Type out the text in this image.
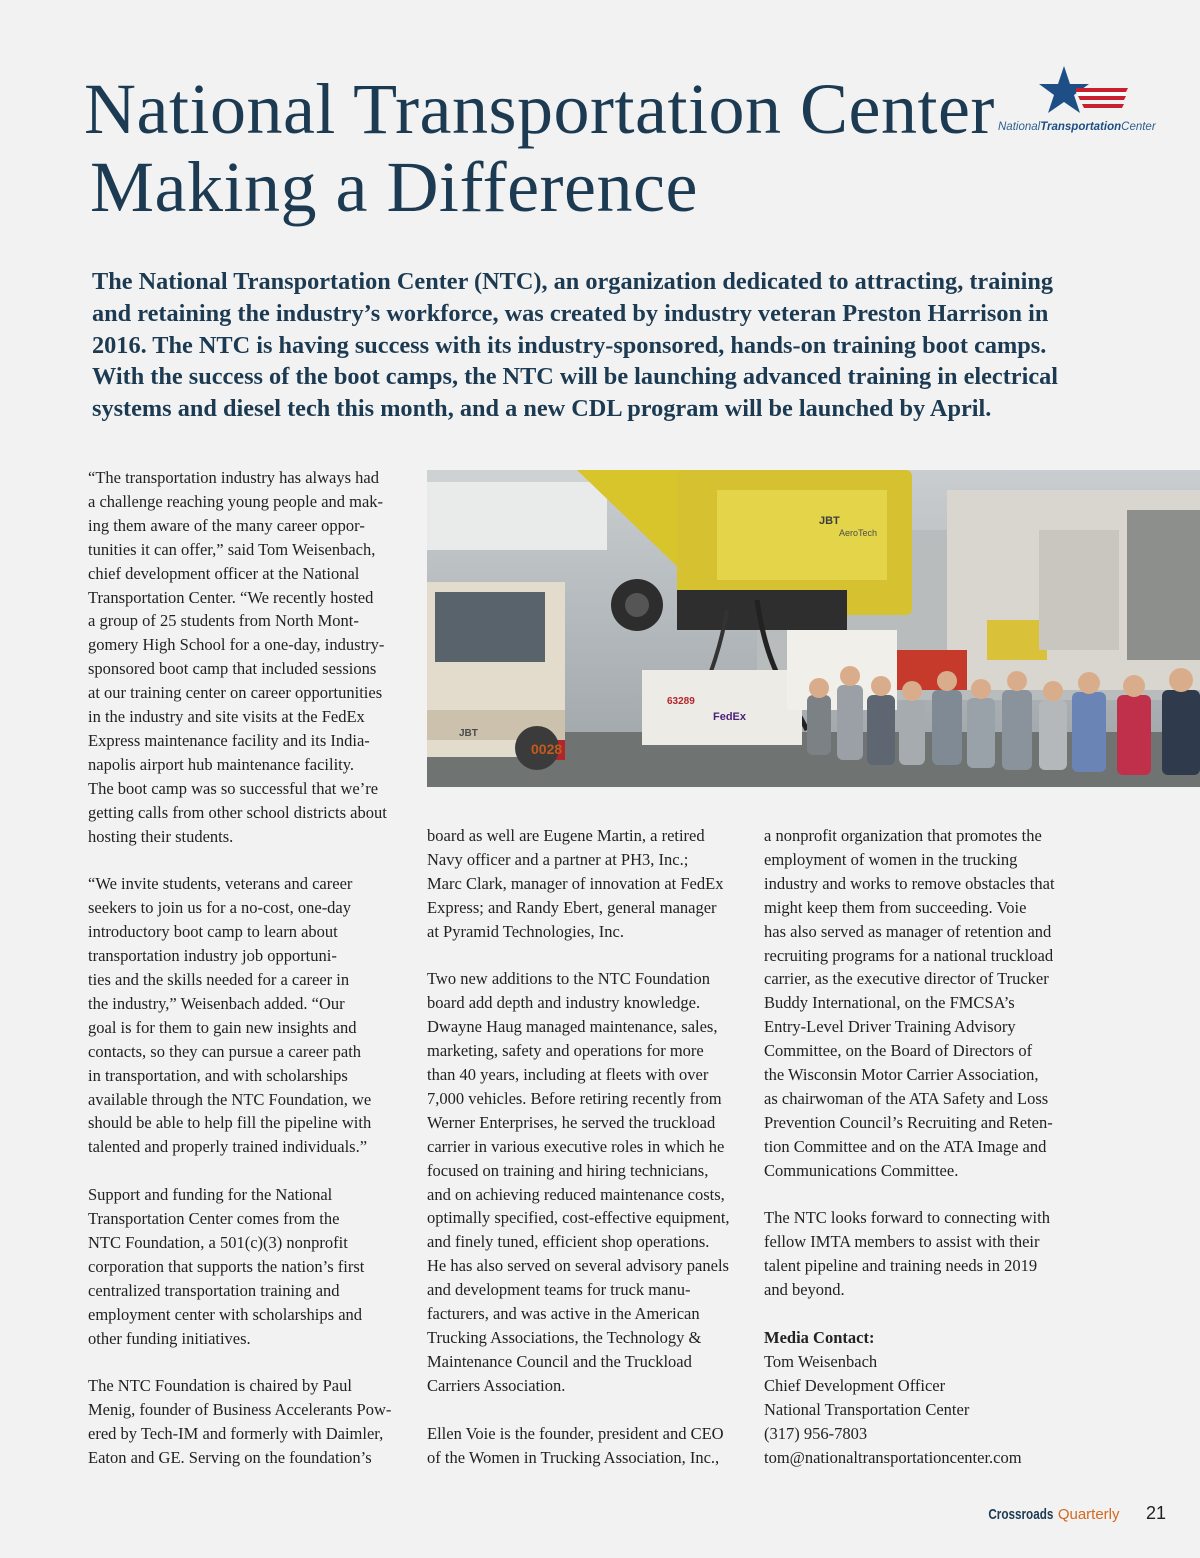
National Transportation Center
Making a Difference
NationalTransportationCenter
The National Transportation Center (NTC), an organization dedicated to attracting, training and retaining the industry’s workforce, was created by industry veteran Preston Harrison in 2016. The NTC is having success with its industry-sponsored, hands-on training boot camps. With the success of the boot camps, the NTC will be launching advanced training in electrical systems and diesel tech this month, and a new CDL program will be launched by April.
0028
JBT
JBT
AeroTech
63289
FedEx

“The transportation industry has always had
a challenge reaching young people and mak-
ing them aware of the many career oppor-
tunities it can offer,” said Tom Weisenbach,
chief development officer at the National
Transportation Center. “We recently hosted
a group of 25 students from North Mont-
gomery High School for a one-day, industry-
sponsored boot camp that included sessions
at our training center on career opportunities
in the industry and site visits at the FedEx
Express maintenance facility and its India-
napolis airport hub maintenance facility.
The boot camp was so successful that we’re
getting calls from other school districts about
hosting their students.

“We invite students, veterans and career
seekers to join us for a no-cost, one-day
introductory boot camp to learn about
transportation industry job opportuni-
ties and the skills needed for a career in
the industry,” Weisenbach added. “Our
goal is for them to gain new insights and
contacts, so they can pursue a career path
in transportation, and with scholarships
available through the NTC Foundation, we
should be able to help fill the pipeline with
talented and properly trained individuals.”

Support and funding for the National
Transportation Center comes from the
NTC Foundation, a 501(c)(3) nonprofit
corporation that supports the nation’s first
centralized transportation training and
employment center with scholarships and
other funding initiatives.

The NTC Foundation is chaired by Paul
Menig, founder of Business Accelerants Pow-
ered by Tech-IM and formerly with Daimler,
Eaton and GE. Serving on the foundation’s

board as well are Eugene Martin, a retired
Navy officer and a partner at PH3, Inc.;
Marc Clark, manager of innovation at FedEx
Express; and Randy Ebert, general manager
at Pyramid Technologies, Inc.

Two new additions to the NTC Foundation
board add depth and industry knowledge.
Dwayne Haug managed maintenance, sales,
marketing, safety and operations for more
than 40 years, including at fleets with over
7,000 vehicles. Before retiring recently from
Werner Enterprises, he served the truckload
carrier in various executive roles in which he
focused on training and hiring technicians,
and on achieving reduced maintenance costs,
optimally specified, cost-effective equipment,
and finely tuned, efficient shop operations.
He has also served on several advisory panels
and development teams for truck manu-
facturers, and was active in the American
Trucking Associations, the Technology &
Maintenance Council and the Truckload
Carriers Association.

Ellen Voie is the founder, president and CEO
of the Women in Trucking Association, Inc.,

a nonprofit organization that promotes the
employment of women in the trucking
industry and works to remove obstacles that
might keep them from succeeding. Voie
has also served as manager of retention and
recruiting programs for a national truckload
carrier, as the executive director of Trucker
Buddy International, on the FMCSA’s
Entry-Level Driver Training Advisory
Committee, on the Board of Directors of
the Wisconsin Motor Carrier Association,
as chairwoman of the ATA Safety and Loss
Prevention Council’s Recruiting and Reten-
tion Committee and on the ATA Image and
Communications Committee.

The NTC looks forward to connecting with
fellow IMTA members to assist with their
talent pipeline and training needs in 2019
and beyond.

Media Contact:
Tom Weisenbach
Chief Development Officer
National Transportation Center
(317) 956-7803
tom@nationaltransportationcenter.com
Crossroads Quarterly 21
